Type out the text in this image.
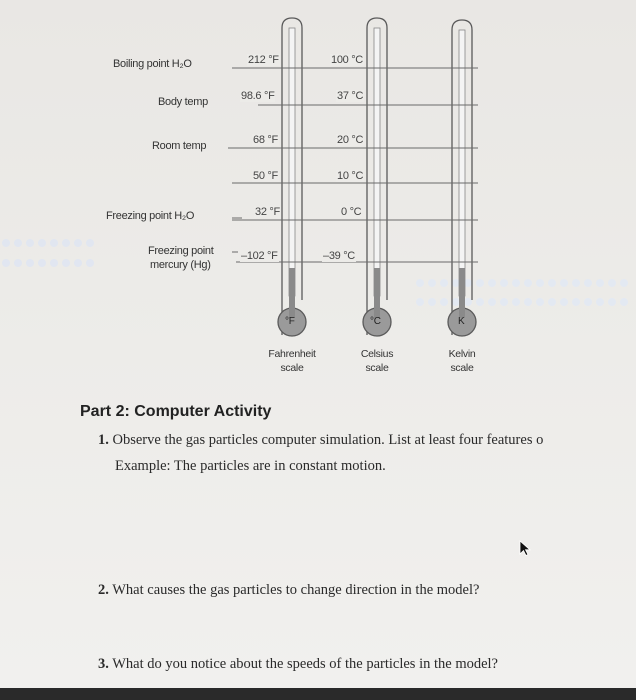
Boiling point H₂O
Body temp
Room temp
Freezing point H₂O
Freezing point
mercury (Hg)
212 °F
98.6 °F
68 °F
50 °F
32 °F
–102 °F
100 °C
37 °C
20 °C
10 °C
0 °C
–39 °C
°F	°C	K
Fahrenheit
scale
Celsius
scale
Kelvin
scale
Part 2: Computer Activity
1. Observe the gas particles computer simulation. List at least four features o
Example: The particles are in constant motion.
2. What causes the gas particles to change direction in the model?
3. What do you notice about the speeds of the particles in the model?
